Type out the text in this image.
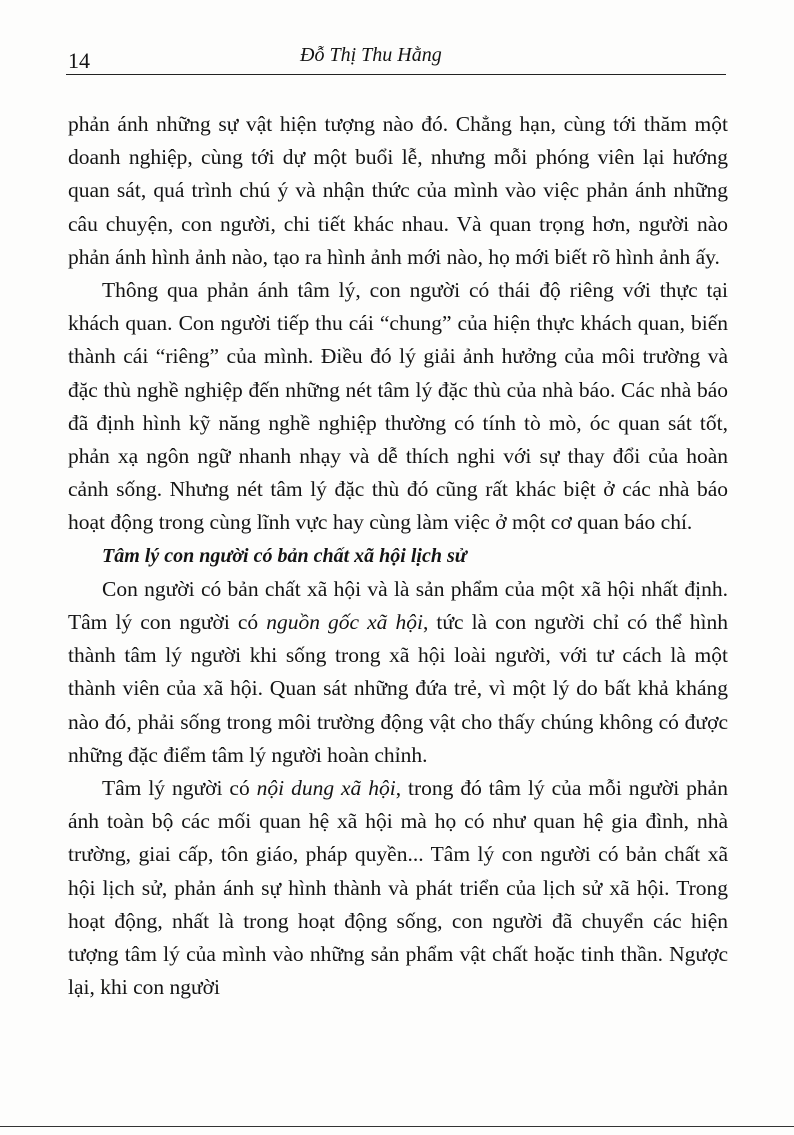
14	Đỗ Thị Thu Hằng

phản ánh những sự vật hiện tượng nào đó. Chẳng hạn, cùng tới thăm một doanh nghiệp, cùng tới dự một buổi lễ, nhưng mỗi phóng viên lại hướng quan sát, quá trình chú ý và nhận thức của mình vào việc phản ánh những câu chuyện, con người, chi tiết khác nhau. Và quan trọng hơn, người nào phản ánh hình ảnh nào, tạo ra hình ảnh mới nào, họ mới biết rõ hình ảnh ấy.

Thông qua phản ánh tâm lý, con người có thái độ riêng với thực tại khách quan. Con người tiếp thu cái “chung” của hiện thực khách quan, biến thành cái “riêng” của mình. Điều đó lý giải ảnh hưởng của môi trường và đặc thù nghề nghiệp đến những nét tâm lý đặc thù của nhà báo. Các nhà báo đã định hình kỹ năng nghề nghiệp thường có tính tò mò, óc quan sát tốt, phản xạ ngôn ngữ nhanh nhạy và dễ thích nghi với sự thay đổi của hoàn cảnh sống. Nhưng nét tâm lý đặc thù đó cũng rất khác biệt ở các nhà báo hoạt động trong cùng lĩnh vực hay cùng làm việc ở một cơ quan báo chí.

Tâm lý con người có bản chất xã hội lịch sử

Con người có bản chất xã hội và là sản phẩm của một xã hội nhất định. Tâm lý con người có nguồn gốc xã hội, tức là con người chỉ có thể hình thành tâm lý người khi sống trong xã hội loài người, với tư cách là một thành viên của xã hội. Quan sát những đứa trẻ, vì một lý do bất khả kháng nào đó, phải sống trong môi trường động vật cho thấy chúng không có được những đặc điểm tâm lý người hoàn chỉnh.

Tâm lý người có nội dung xã hội, trong đó tâm lý của mỗi người phản ánh toàn bộ các mối quan hệ xã hội mà họ có như quan hệ gia đình, nhà trường, giai cấp, tôn giáo, pháp quyền... Tâm lý con người có bản chất xã hội lịch sử, phản ánh sự hình thành và phát triển của lịch sử xã hội. Trong hoạt động, nhất là trong hoạt động sống, con người đã chuyển các hiện tượng tâm lý của mình vào những sản phẩm vật chất hoặc tinh thần. Ngược lại, khi con người
